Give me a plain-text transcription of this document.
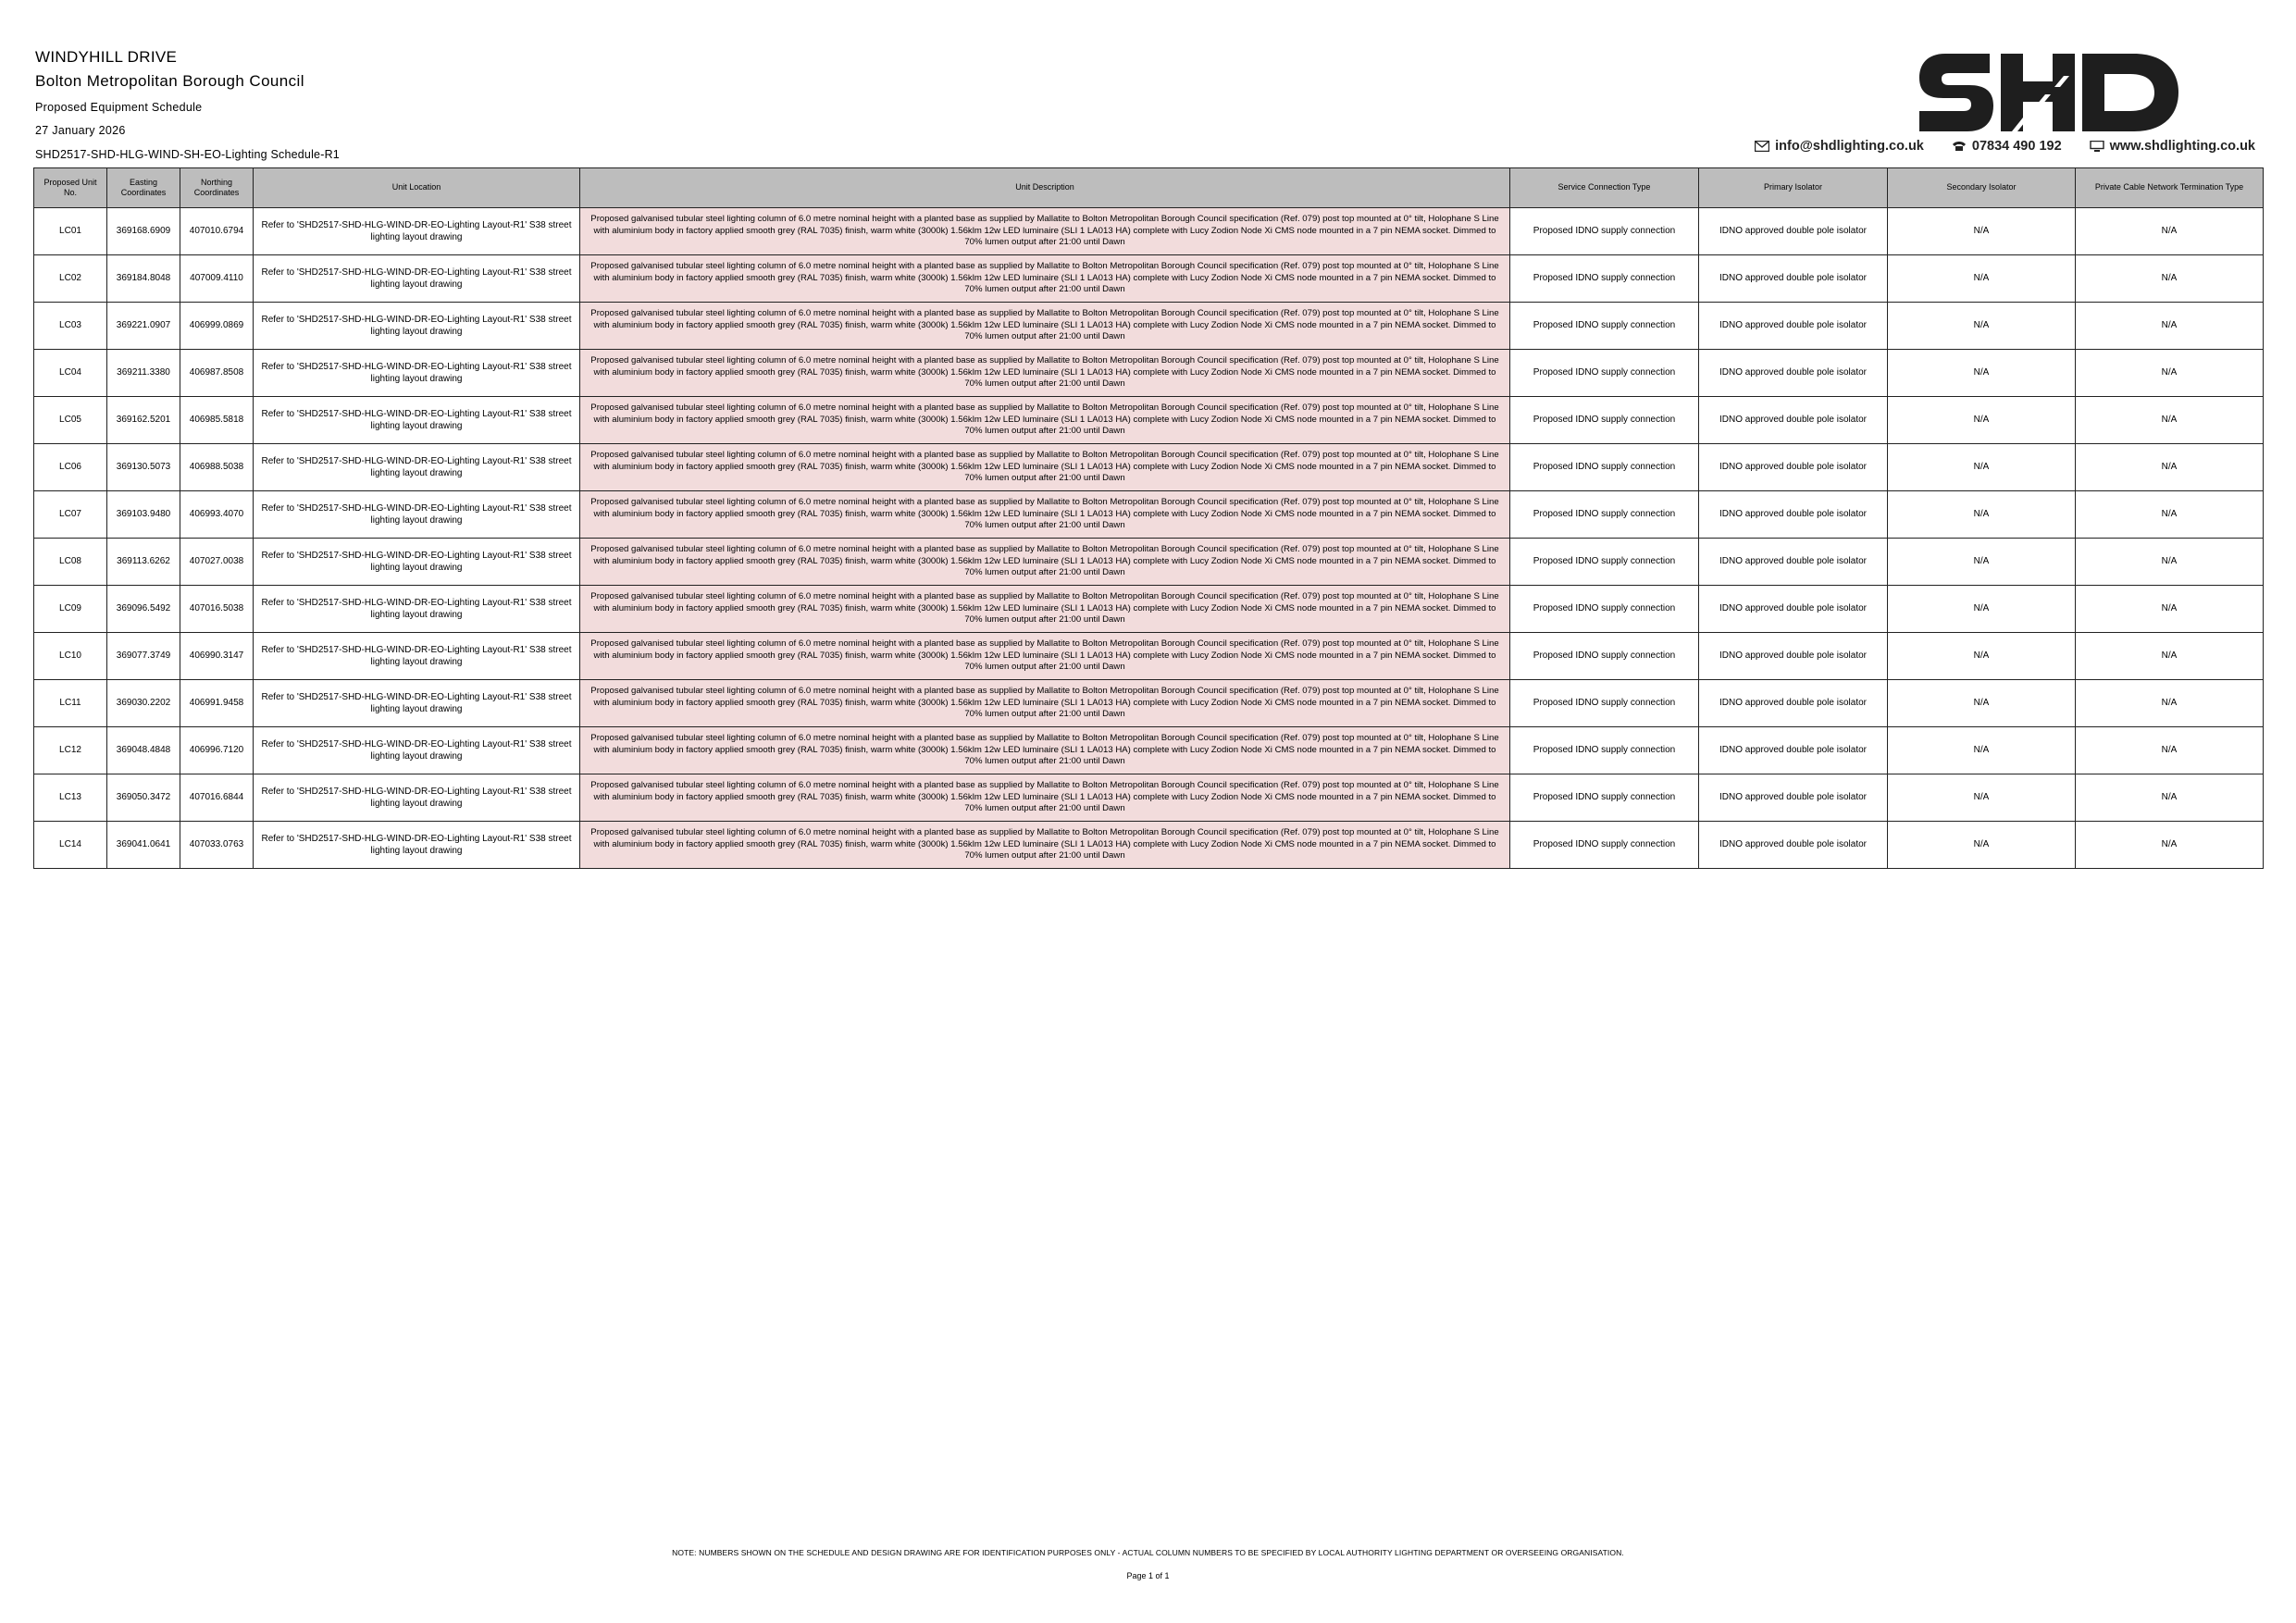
WINDYHILL DRIVE
Bolton Metropolitan Borough Council
Proposed Equipment Schedule
27 January 2026
SHD2517-SHD-HLG-WIND-SH-EO-Lighting Schedule-R1
info@shdlighting.co.uk	07834 490 192	www.shdlighting.co.uk
Proposed Unit No.	Easting Coordinates	Northing Coordinates	Unit Location	Unit Description	Service Connection Type	Primary Isolator	Secondary Isolator	Private Cable Network Termination Type
LC01	369168.6909	407010.6794	Refer to 'SHD2517-SHD-HLG-WIND-DR-EO-Lighting Layout-R1' S38 street lighting layout drawing	Proposed galvanised tubular steel lighting column of 6.0 metre nominal height with a planted base as supplied by Mallatite to Bolton Metropolitan Borough Council specification (Ref. 079) post top mounted at 0° tilt, Holophane S Line with aluminium body in factory applied smooth grey (RAL 7035) finish, warm white (3000k) 1.56klm 12w LED luminaire (SLI 1 LA013 HA) complete with Lucy Zodion Node Xi CMS node mounted in a 7 pin NEMA socket. Dimmed to 70% lumen output after 21:00 until Dawn	Proposed IDNO supply connection	IDNO approved double pole isolator	N/A	N/A
LC02	369184.8048	407009.4110	Refer to 'SHD2517-SHD-HLG-WIND-DR-EO-Lighting Layout-R1' S38 street lighting layout drawing	Proposed galvanised tubular steel lighting column of 6.0 metre nominal height with a planted base as supplied by Mallatite to Bolton Metropolitan Borough Council specification (Ref. 079) post top mounted at 0° tilt, Holophane S Line with aluminium body in factory applied smooth grey (RAL 7035) finish, warm white (3000k) 1.56klm 12w LED luminaire (SLI 1 LA013 HA) complete with Lucy Zodion Node Xi CMS node mounted in a 7 pin NEMA socket. Dimmed to 70% lumen output after 21:00 until Dawn	Proposed IDNO supply connection	IDNO approved double pole isolator	N/A	N/A
LC03	369221.0907	406999.0869	Refer to 'SHD2517-SHD-HLG-WIND-DR-EO-Lighting Layout-R1' S38 street lighting layout drawing	Proposed galvanised tubular steel lighting column of 6.0 metre nominal height with a planted base as supplied by Mallatite to Bolton Metropolitan Borough Council specification (Ref. 079) post top mounted at 0° tilt, Holophane S Line with aluminium body in factory applied smooth grey (RAL 7035) finish, warm white (3000k) 1.56klm 12w LED luminaire (SLI 1 LA013 HA) complete with Lucy Zodion Node Xi CMS node mounted in a 7 pin NEMA socket. Dimmed to 70% lumen output after 21:00 until Dawn	Proposed IDNO supply connection	IDNO approved double pole isolator	N/A	N/A
LC04	369211.3380	406987.8508	Refer to 'SHD2517-SHD-HLG-WIND-DR-EO-Lighting Layout-R1' S38 street lighting layout drawing	Proposed galvanised tubular steel lighting column of 6.0 metre nominal height with a planted base as supplied by Mallatite to Bolton Metropolitan Borough Council specification (Ref. 079) post top mounted at 0° tilt, Holophane S Line with aluminium body in factory applied smooth grey (RAL 7035) finish, warm white (3000k) 1.56klm 12w LED luminaire (SLI 1 LA013 HA) complete with Lucy Zodion Node Xi CMS node mounted in a 7 pin NEMA socket. Dimmed to 70% lumen output after 21:00 until Dawn	Proposed IDNO supply connection	IDNO approved double pole isolator	N/A	N/A
LC05	369162.5201	406985.5818	Refer to 'SHD2517-SHD-HLG-WIND-DR-EO-Lighting Layout-R1' S38 street lighting layout drawing	Proposed galvanised tubular steel lighting column of 6.0 metre nominal height with a planted base as supplied by Mallatite to Bolton Metropolitan Borough Council specification (Ref. 079) post top mounted at 0° tilt, Holophane S Line with aluminium body in factory applied smooth grey (RAL 7035) finish, warm white (3000k) 1.56klm 12w LED luminaire (SLI 1 LA013 HA) complete with Lucy Zodion Node Xi CMS node mounted in a 7 pin NEMA socket. Dimmed to 70% lumen output after 21:00 until Dawn	Proposed IDNO supply connection	IDNO approved double pole isolator	N/A	N/A
LC06	369130.5073	406988.5038	Refer to 'SHD2517-SHD-HLG-WIND-DR-EO-Lighting Layout-R1' S38 street lighting layout drawing	Proposed galvanised tubular steel lighting column of 6.0 metre nominal height with a planted base as supplied by Mallatite to Bolton Metropolitan Borough Council specification (Ref. 079) post top mounted at 0° tilt, Holophane S Line with aluminium body in factory applied smooth grey (RAL 7035) finish, warm white (3000k) 1.56klm 12w LED luminaire (SLI 1 LA013 HA) complete with Lucy Zodion Node Xi CMS node mounted in a 7 pin NEMA socket. Dimmed to 70% lumen output after 21:00 until Dawn	Proposed IDNO supply connection	IDNO approved double pole isolator	N/A	N/A
LC07	369103.9480	406993.4070	Refer to 'SHD2517-SHD-HLG-WIND-DR-EO-Lighting Layout-R1' S38 street lighting layout drawing	Proposed galvanised tubular steel lighting column of 6.0 metre nominal height with a planted base as supplied by Mallatite to Bolton Metropolitan Borough Council specification (Ref. 079) post top mounted at 0° tilt, Holophane S Line with aluminium body in factory applied smooth grey (RAL 7035) finish, warm white (3000k) 1.56klm 12w LED luminaire (SLI 1 LA013 HA) complete with Lucy Zodion Node Xi CMS node mounted in a 7 pin NEMA socket. Dimmed to 70% lumen output after 21:00 until Dawn	Proposed IDNO supply connection	IDNO approved double pole isolator	N/A	N/A
LC08	369113.6262	407027.0038	Refer to 'SHD2517-SHD-HLG-WIND-DR-EO-Lighting Layout-R1' S38 street lighting layout drawing	Proposed galvanised tubular steel lighting column of 6.0 metre nominal height with a planted base as supplied by Mallatite to Bolton Metropolitan Borough Council specification (Ref. 079) post top mounted at 0° tilt, Holophane S Line with aluminium body in factory applied smooth grey (RAL 7035) finish, warm white (3000k) 1.56klm 12w LED luminaire (SLI 1 LA013 HA) complete with Lucy Zodion Node Xi CMS node mounted in a 7 pin NEMA socket. Dimmed to 70% lumen output after 21:00 until Dawn	Proposed IDNO supply connection	IDNO approved double pole isolator	N/A	N/A
LC09	369096.5492	407016.5038	Refer to 'SHD2517-SHD-HLG-WIND-DR-EO-Lighting Layout-R1' S38 street lighting layout drawing	Proposed galvanised tubular steel lighting column of 6.0 metre nominal height with a planted base as supplied by Mallatite to Bolton Metropolitan Borough Council specification (Ref. 079) post top mounted at 0° tilt, Holophane S Line with aluminium body in factory applied smooth grey (RAL 7035) finish, warm white (3000k) 1.56klm 12w LED luminaire (SLI 1 LA013 HA) complete with Lucy Zodion Node Xi CMS node mounted in a 7 pin NEMA socket. Dimmed to 70% lumen output after 21:00 until Dawn	Proposed IDNO supply connection	IDNO approved double pole isolator	N/A	N/A
LC10	369077.3749	406990.3147	Refer to 'SHD2517-SHD-HLG-WIND-DR-EO-Lighting Layout-R1' S38 street lighting layout drawing	Proposed galvanised tubular steel lighting column of 6.0 metre nominal height with a planted base as supplied by Mallatite to Bolton Metropolitan Borough Council specification (Ref. 079) post top mounted at 0° tilt, Holophane S Line with aluminium body in factory applied smooth grey (RAL 7035) finish, warm white (3000k) 1.56klm 12w LED luminaire (SLI 1 LA013 HA) complete with Lucy Zodion Node Xi CMS node mounted in a 7 pin NEMA socket. Dimmed to 70% lumen output after 21:00 until Dawn	Proposed IDNO supply connection	IDNO approved double pole isolator	N/A	N/A
LC11	369030.2202	406991.9458	Refer to 'SHD2517-SHD-HLG-WIND-DR-EO-Lighting Layout-R1' S38 street lighting layout drawing	Proposed galvanised tubular steel lighting column of 6.0 metre nominal height with a planted base as supplied by Mallatite to Bolton Metropolitan Borough Council specification (Ref. 079) post top mounted at 0° tilt, Holophane S Line with aluminium body in factory applied smooth grey (RAL 7035) finish, warm white (3000k) 1.56klm 12w LED luminaire (SLI 1 LA013 HA) complete with Lucy Zodion Node Xi CMS node mounted in a 7 pin NEMA socket. Dimmed to 70% lumen output after 21:00 until Dawn	Proposed IDNO supply connection	IDNO approved double pole isolator	N/A	N/A
LC12	369048.4848	406996.7120	Refer to 'SHD2517-SHD-HLG-WIND-DR-EO-Lighting Layout-R1' S38 street lighting layout drawing	Proposed galvanised tubular steel lighting column of 6.0 metre nominal height with a planted base as supplied by Mallatite to Bolton Metropolitan Borough Council specification (Ref. 079) post top mounted at 0° tilt, Holophane S Line with aluminium body in factory applied smooth grey (RAL 7035) finish, warm white (3000k) 1.56klm 12w LED luminaire (SLI 1 LA013 HA) complete with Lucy Zodion Node Xi CMS node mounted in a 7 pin NEMA socket. Dimmed to 70% lumen output after 21:00 until Dawn	Proposed IDNO supply connection	IDNO approved double pole isolator	N/A	N/A
LC13	369050.3472	407016.6844	Refer to 'SHD2517-SHD-HLG-WIND-DR-EO-Lighting Layout-R1' S38 street lighting layout drawing	Proposed galvanised tubular steel lighting column of 6.0 metre nominal height with a planted base as supplied by Mallatite to Bolton Metropolitan Borough Council specification (Ref. 079) post top mounted at 0° tilt, Holophane S Line with aluminium body in factory applied smooth grey (RAL 7035) finish, warm white (3000k) 1.56klm 12w LED luminaire (SLI 1 LA013 HA) complete with Lucy Zodion Node Xi CMS node mounted in a 7 pin NEMA socket. Dimmed to 70% lumen output after 21:00 until Dawn	Proposed IDNO supply connection	IDNO approved double pole isolator	N/A	N/A
LC14	369041.0641	407033.0763	Refer to 'SHD2517-SHD-HLG-WIND-DR-EO-Lighting Layout-R1' S38 street lighting layout drawing	Proposed galvanised tubular steel lighting column of 6.0 metre nominal height with a planted base as supplied by Mallatite to Bolton Metropolitan Borough Council specification (Ref. 079) post top mounted at 0° tilt, Holophane S Line with aluminium body in factory applied smooth grey (RAL 7035) finish, warm white (3000k) 1.56klm 12w LED luminaire (SLI 1 LA013 HA) complete with Lucy Zodion Node Xi CMS node mounted in a 7 pin NEMA socket. Dimmed to 70% lumen output after 21:00 until Dawn	Proposed IDNO supply connection	IDNO approved double pole isolator	N/A	N/A
NOTE: NUMBERS SHOWN ON THE SCHEDULE AND DESIGN DRAWING ARE FOR IDENTIFICATION PURPOSES ONLY - ACTUAL COLUMN NUMBERS TO BE SPECIFIED BY LOCAL AUTHORITY LIGHTING DEPARTMENT OR OVERSEEING ORGANISATION.
Page 1 of 1
